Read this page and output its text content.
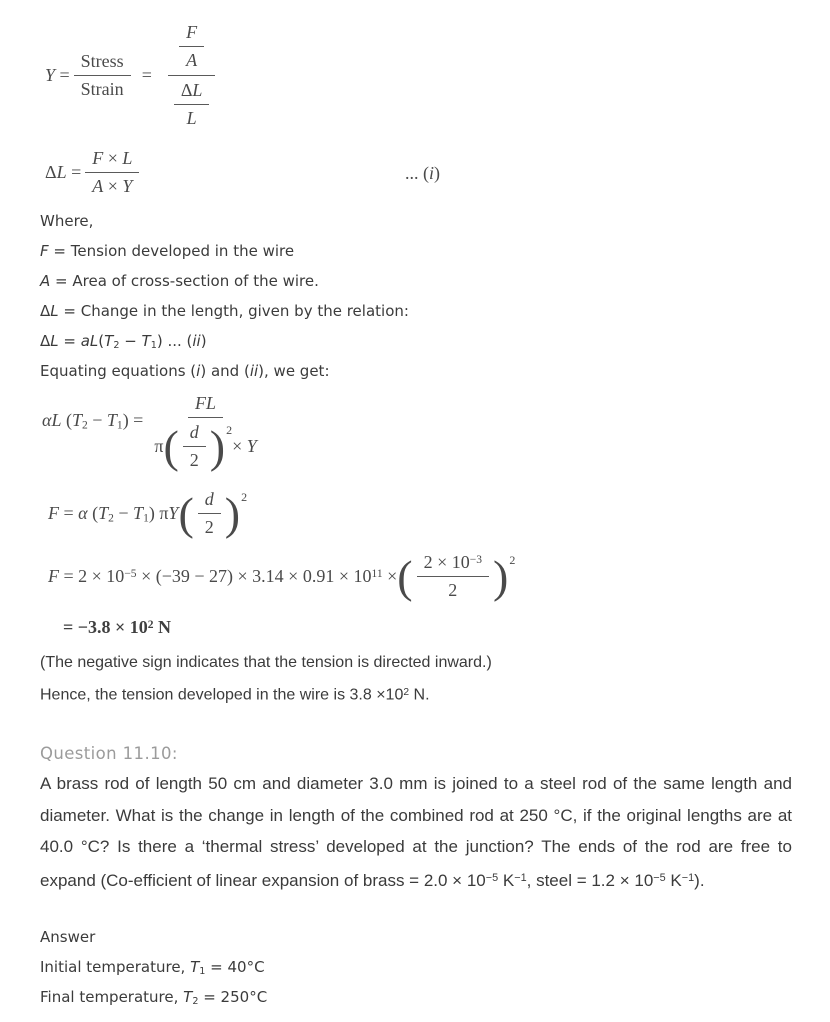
$Y = \frac{\text{Stress}}{\text{Strain}} = \frac{\frac{F}{A}}{\frac{\Delta L}{L}}$
$\Delta L = \frac{F \times L}{A \times Y}$	... (i)
Where,
F = Tension developed in the wire
A = Area of cross-section of the wire.
ΔL = Change in the length, given by the relation:
$\Delta L = aL(T_2 - T_1)$ ... (ii)
Equating equations (i) and (ii), we get:
αL $(T_2 - T_1)$ =
FL
π ( $\frac{d}{2}$ ) 2
× Y
F = α $(T_2 - T_1)$ πY ( $\frac{d}{2}$ ) 2
$F = 2 \times 10^{-5} \times (-39 - 27) \times 3.14 \times 0.91 \times 10^{11}$ × ( $\frac{2 \times 10^{-3}}{2}$ ) 2
= $-3.8 \times 10^2$ N
(The negative sign indicates that the tension is directed inward.)
Hence, the tension developed in the wire is $3.8 \times 10^2$ N.
Question 11.10:
A brass rod of length 50 cm and diameter 3.0 mm is joined to a steel rod of the same length and diameter. What is the change in length of the combined rod at 250 °C, if the original lengths are at 40.0 °C? Is there a ‘thermal stress’ developed at the junction? The ends of the rod are free to expand (Co-efficient of linear expansion of brass = $2.0 \times 10^{-5}$ $K^{-1}$, steel = $1.2 \times 10^{-5}$ $K^{-1}$).
Answer
Initial temperature, $T_1 = 40^\circ C$
Final temperature, $T_2 = 250^\circ C$
